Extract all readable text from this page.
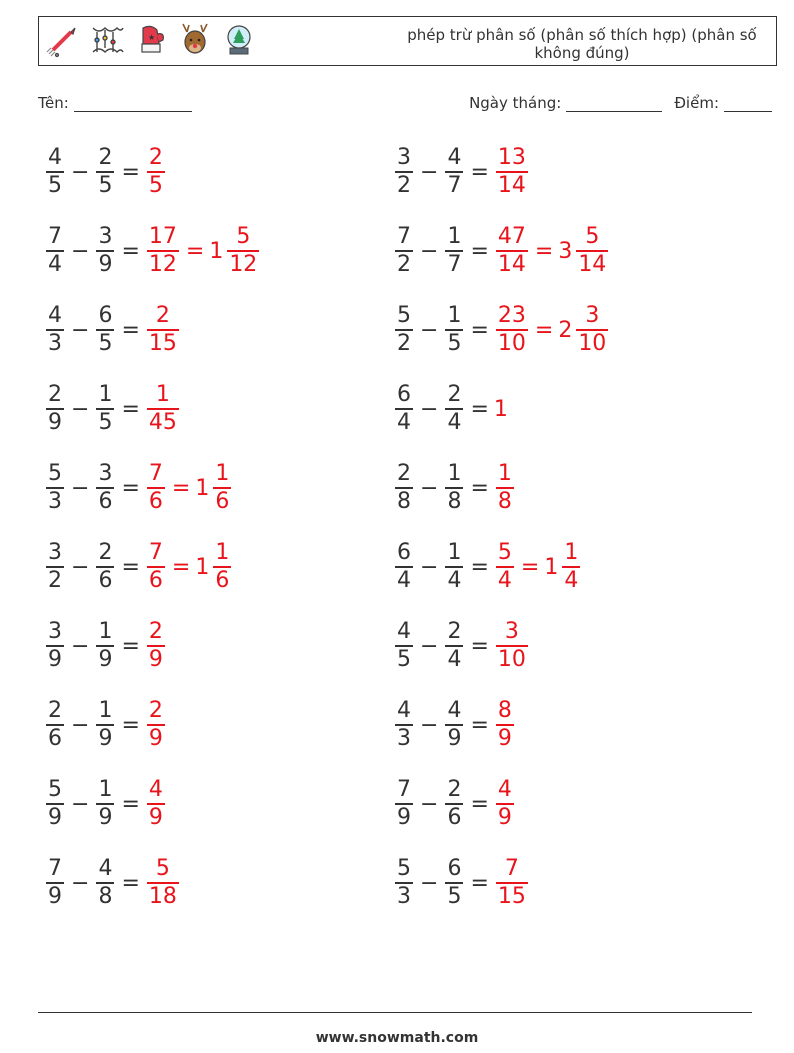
★	phép trừ phân số (phân số thích hợp) (phân số không đúng)
Tên:	Ngày tháng:	Điểm:
$\frac{4}{5} - \frac{2}{5} = \frac{2}{5}$	$\frac{3}{2} - \frac{4}{7} = \frac{13}{14}$
$\frac{7}{4} - \frac{3}{9} = \frac{17}{12} = 1 \frac{5}{12}$	$\frac{7}{2} - \frac{1}{7} = \frac{47}{14} = 3 \frac{5}{14}$
$\frac{4}{3} - \frac{6}{5} = \frac{2}{15}$	$\frac{5}{2} - \frac{1}{5} = \frac{23}{10} = 2 \frac{3}{10}$
$\frac{2}{9} - \frac{1}{5} = \frac{1}{45}$	$\frac{6}{4} - \frac{2}{4} = 1$
$\frac{5}{3} - \frac{3}{6} = \frac{7}{6} = 1 \frac{1}{6}$	$\frac{2}{8} - \frac{1}{8} = \frac{1}{8}$
$\frac{3}{2} - \frac{2}{6} = \frac{7}{6} = 1 \frac{1}{6}$	$\frac{6}{4} - \frac{1}{4} = \frac{5}{4} = 1 \frac{1}{4}$
$\frac{3}{9} - \frac{1}{9} = \frac{2}{9}$	$\frac{4}{5} - \frac{2}{4} = \frac{3}{10}$
$\frac{2}{6} - \frac{1}{9} = \frac{2}{9}$	$\frac{4}{3} - \frac{4}{9} = \frac{8}{9}$
$\frac{5}{9} - \frac{1}{9} = \frac{4}{9}$	$\frac{7}{9} - \frac{2}{6} = \frac{4}{9}$
$\frac{7}{9} - \frac{4}{8} = \frac{5}{18}$	$\frac{5}{3} - \frac{6}{5} = \frac{7}{15}$
www.snowmath.com
